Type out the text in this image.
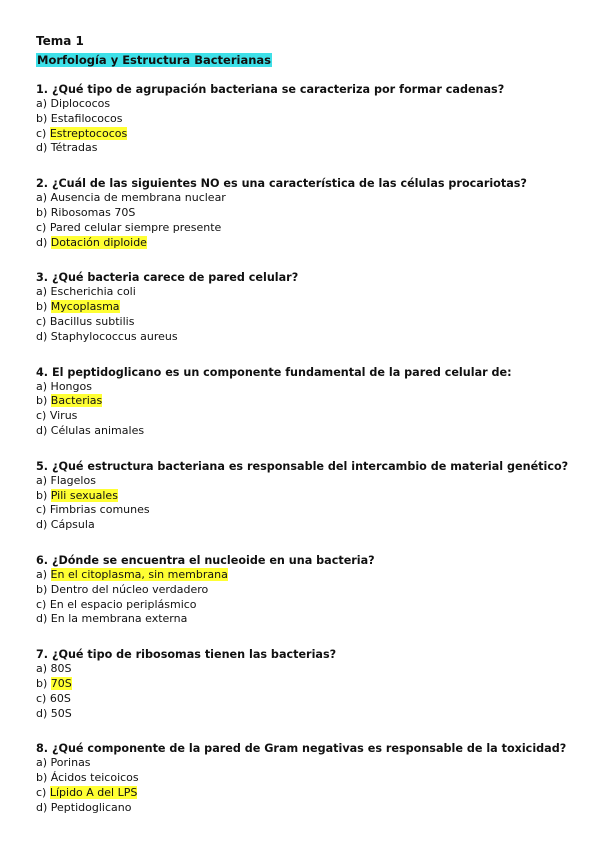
Tema 1
Morfología y Estructura Bacterianas
1. ¿Qué tipo de agrupación bacteriana se caracteriza por formar cadenas?
a) Diplococos
b) Estafilococos
c) Estreptococos
d) Tétradas
2. ¿Cuál de las siguientes NO es una característica de las células procariotas?
a) Ausencia de membrana nuclear
b) Ribosomas 70S
c) Pared celular siempre presente
d) Dotación diploide
3. ¿Qué bacteria carece de pared celular?
a) Escherichia coli
b) Mycoplasma
c) Bacillus subtilis
d) Staphylococcus aureus
4. El peptidoglicano es un componente fundamental de la pared celular de:
a) Hongos
b) Bacterias
c) Virus
d) Células animales
5. ¿Qué estructura bacteriana es responsable del intercambio de material genético?
a) Flagelos
b) Pili sexuales
c) Fimbrias comunes
d) Cápsula
6. ¿Dónde se encuentra el nucleoide en una bacteria?
a) En el citoplasma, sin membrana
b) Dentro del núcleo verdadero
c) En el espacio periplásmico
d) En la membrana externa
7. ¿Qué tipo de ribosomas tienen las bacterias?
a) 80S
b) 70S
c) 60S
d) 50S
8. ¿Qué componente de la pared de Gram negativas es responsable de la toxicidad?
a) Porinas
b) Ácidos teicoicos
c) Lípido A del LPS
d) Peptidoglicano
